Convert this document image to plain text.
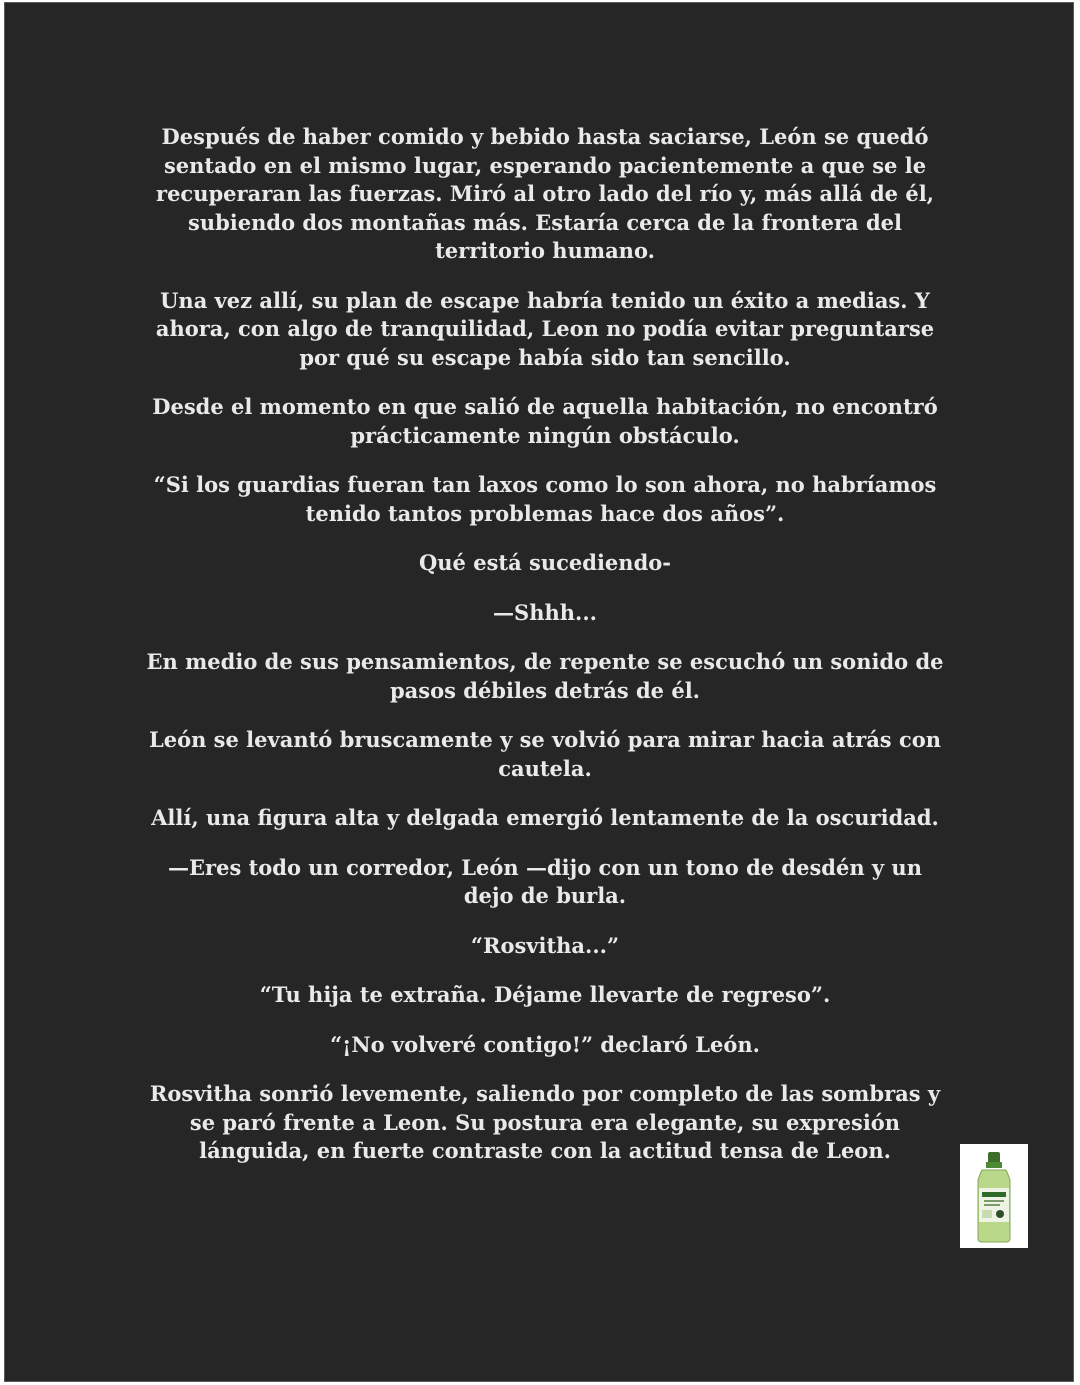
Después de haber comido y bebido hasta saciarse, León se quedó sentado en el mismo lugar, esperando pacientemente a que se le recuperaran las fuerzas. Miró al otro lado del río y, más allá de él, subiendo dos montañas más. Estaría cerca de la frontera del territorio humano.

Una vez allí, su plan de escape habría tenido un éxito a medias. Y ahora, con algo de tranquilidad, Leon no podía evitar preguntarse por qué su escape había sido tan sencillo.

Desde el momento en que salió de aquella habitación, no encontró prácticamente ningún obstáculo.

“Si los guardias fueran tan laxos como lo son ahora, no habríamos tenido tantos problemas hace dos años”.

Qué está sucediendo-

—Shhh...

En medio de sus pensamientos, de repente se escuchó un sonido de pasos débiles detrás de él.

León se levantó bruscamente y se volvió para mirar hacia atrás con cautela.

Allí, una figura alta y delgada emergió lentamente de la oscuridad.

—Eres todo un corredor, León —dijo con un tono de desdén y un dejo de burla.

“Rosvitha...”

“Tu hija te extraña. Déjame llevarte de regreso”.

“¡No volveré contigo!” declaró León.

Rosvitha sonrió levemente, saliendo por completo de las sombras y se paró frente a Leon. Su postura era elegante, su expresión lánguida, en fuerte contraste con la actitud tensa de Leon.
